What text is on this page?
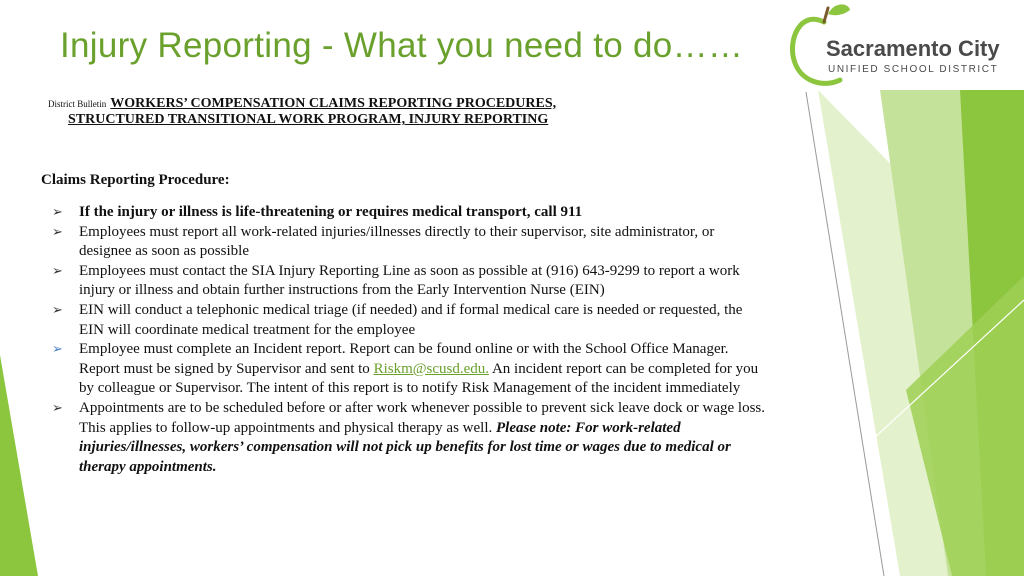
Injury Reporting - What you need to do……	Sacramento City
UNIFIED SCHOOL DISTRICT
District Bulletin WORKERS’ COMPENSATION CLAIMS REPORTING PROCEDURES,
STRUCTURED TRANSITIONAL WORK PROGRAM, INJURY REPORTING
Claims Reporting Procedure:
➢ If the injury or illness is life-threatening or requires medical transport, call 911
➢ Employees must report all work-related injuries/illnesses directly to their supervisor, site administrator, or designee as soon as possible
➢ Employees must contact the SIA Injury Reporting Line as soon as possible at (916) 643-9299 to report a work injury or illness and obtain further instructions from the Early Intervention Nurse (EIN)
➢ EIN will conduct a telephonic medical triage (if needed) and if formal medical care is needed or requested, the EIN will coordinate medical treatment for the employee
➢ Employee must complete an Incident report. Report can be found online or with the School Office Manager. Report must be signed by Supervisor and sent to Riskm@scusd.edu. An incident report can be completed for you by colleague or Supervisor. The intent of this report is to notify Risk Management of the incident immediately
➢ Appointments are to be scheduled before or after work whenever possible to prevent sick leave dock or wage loss. This applies to follow-up appointments and physical therapy as well. Please note: For work-related injuries/illnesses, workers’ compensation will not pick up benefits for lost time or wages due to medical or therapy appointments.
